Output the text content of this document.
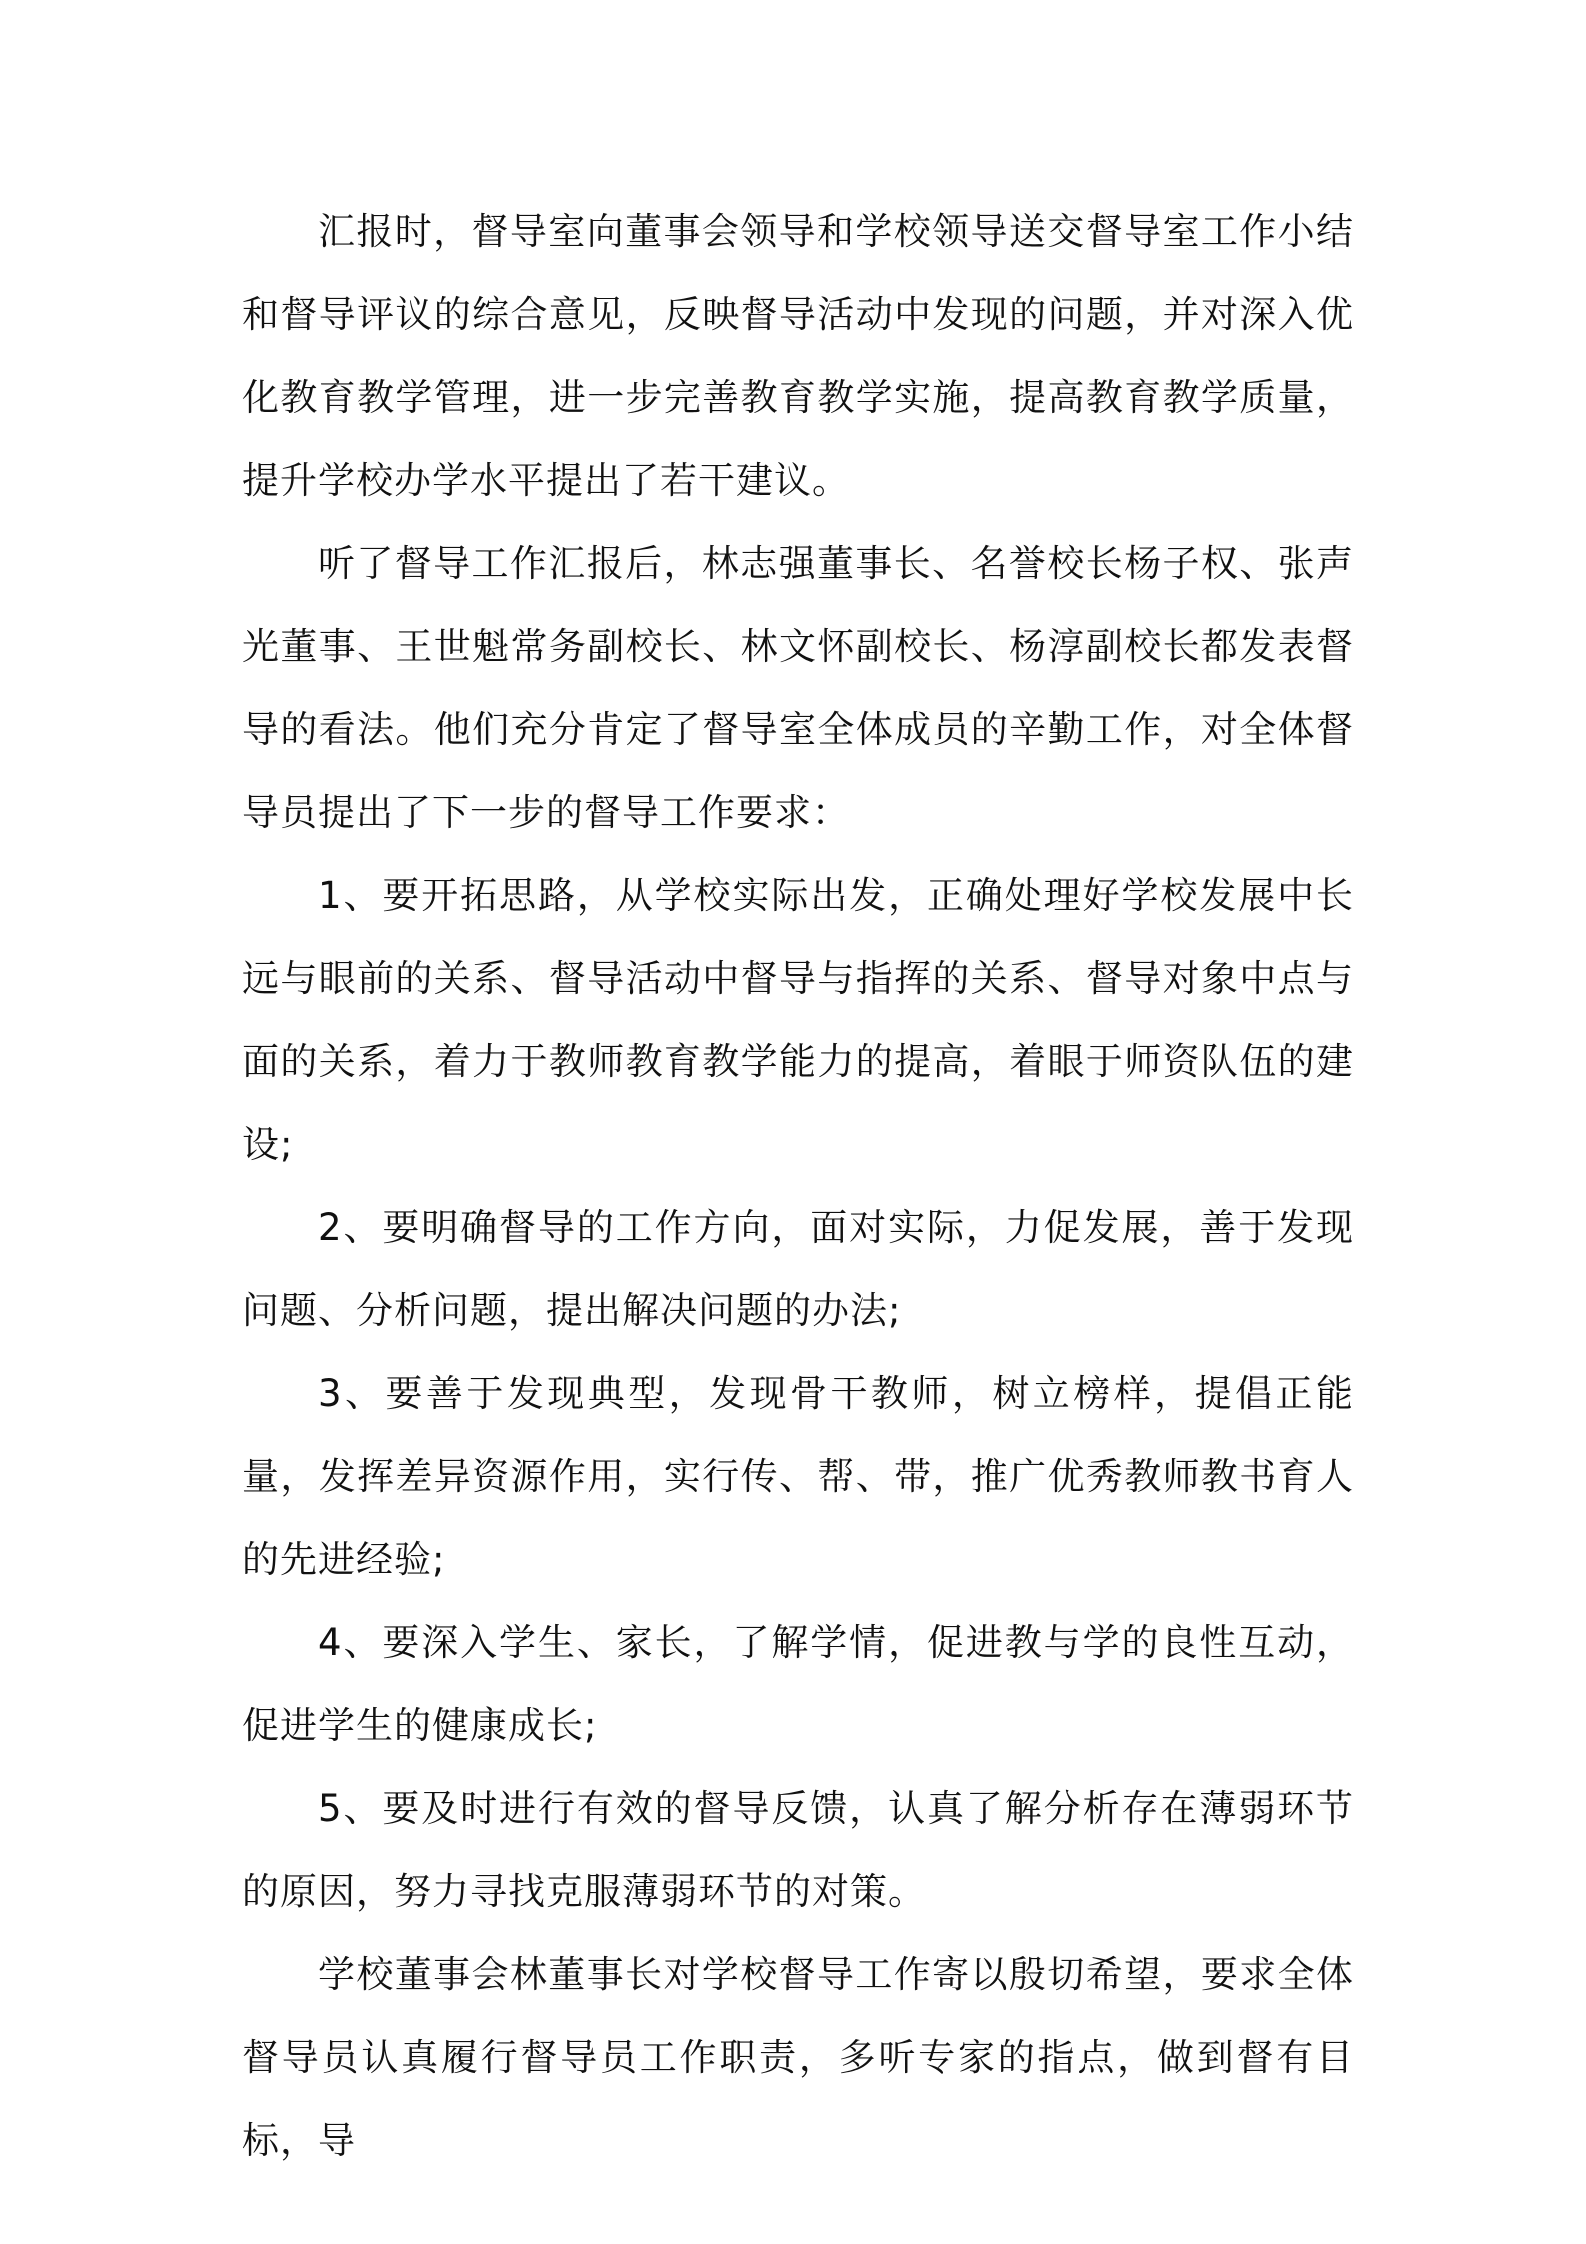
汇报时，督导室向董事会领导和学校领导送交督导室工作小结和督导评议的综合意见，反映督导活动中发现的问题，并对深入优化教育教学管理，进一步完善教育教学实施，提高教育教学质量，提升学校办学水平提出了若干建议。

听了督导工作汇报后，林志强董事长、名誉校长杨子权、张声光董事、王世魁常务副校长、林文怀副校长、杨淳副校长都发表督导的看法。他们充分肯定了督导室全体成员的辛勤工作，对全体督导员提出了下一步的督导工作要求：

1、要开拓思路，从学校实际出发，正确处理好学校发展中长远与眼前的关系、督导活动中督导与指挥的关系、督导对象中点与面的关系，着力于教师教育教学能力的提高，着眼于师资队伍的建设;

2、要明确督导的工作方向，面对实际，力促发展，善于发现问题、分析问题，提出解决问题的办法;

3、要善于发现典型，发现骨干教师，树立榜样，提倡正能量，发挥差异资源作用，实行传、帮、带，推广优秀教师教书育人的先进经验;

4、要深入学生、家长，了解学情，促进教与学的良性互动，促进学生的健康成长;

5、要及时进行有效的督导反馈，认真了解分析存在薄弱环节的原因，努力寻找克服薄弱环节的对策。

学校董事会林董事长对学校督导工作寄以殷切希望，要求全体督导员认真履行督导员工作职责，多听专家的指点，做到督有目标，导
